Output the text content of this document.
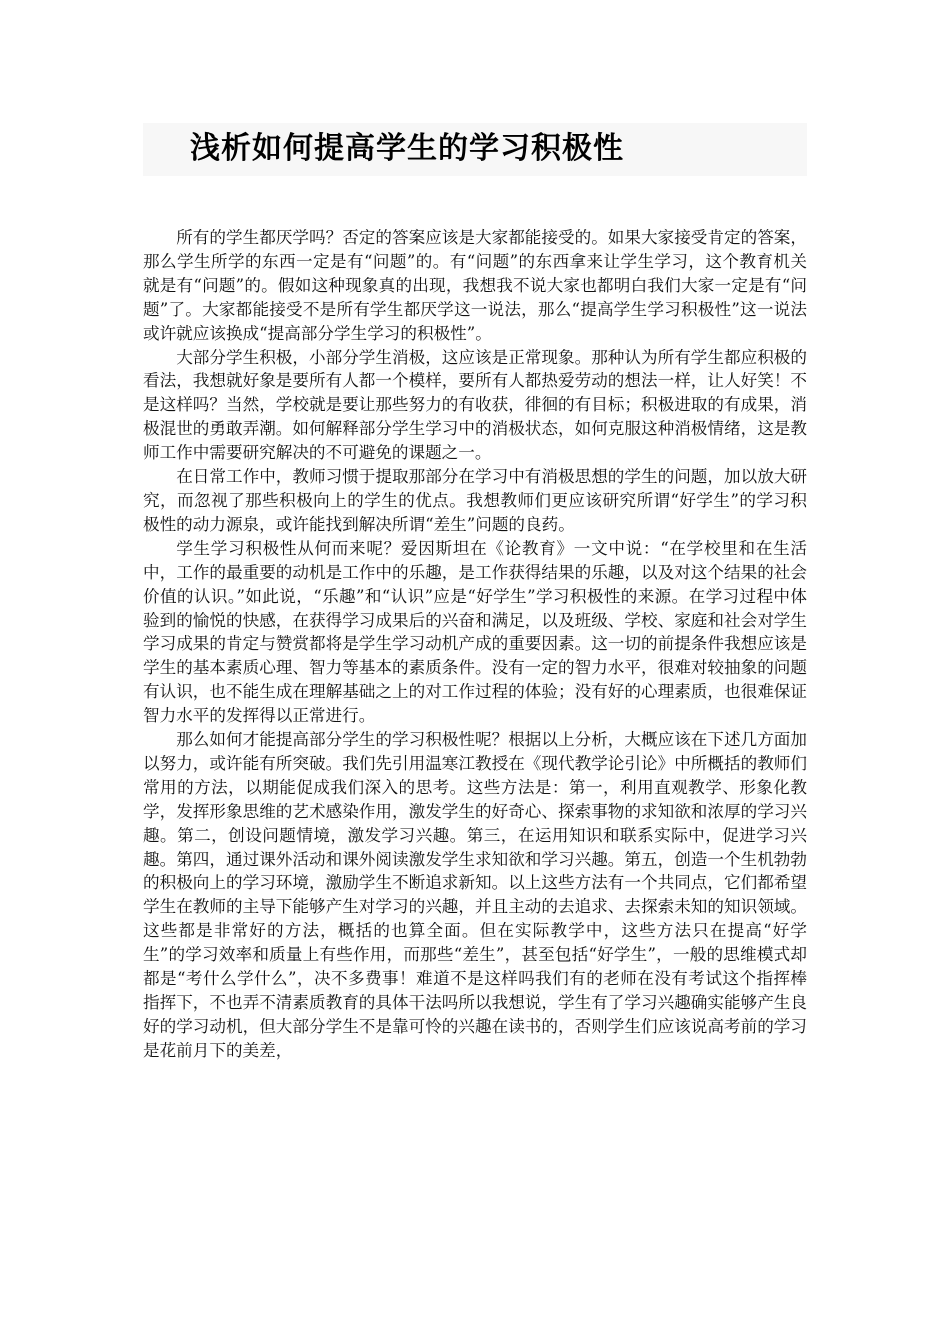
浅析如何提高学生的学习积极性

所有的学生都厌学吗？否定的答案应该是大家都能接受的。如果大家接受肯定的答案，那么学生所学的东西一定是有“问题”的。有“问题”的东西拿来让学生学习，这个教育机关就是有“问题”的。假如这种现象真的出现，我想我不说大家也都明白我们大家一定是有“问题”了。大家都能接受不是所有学生都厌学这一说法，那么“提高学生学习积极性”这一说法或许就应该换成“提高部分学生学习的积极性”。

大部分学生积极，小部分学生消极，这应该是正常现象。那种认为所有学生都应积极的看法，我想就好象是要所有人都一个模样，要所有人都热爱劳动的想法一样，让人好笑！不是这样吗？当然，学校就是要让那些努力的有收获，徘徊的有目标；积极进取的有成果，消极混世的勇敢弄潮。如何解释部分学生学习中的消极状态，如何克服这种消极情绪，这是教师工作中需要研究解决的不可避免的课题之一。

在日常工作中，教师习惯于提取那部分在学习中有消极思想的学生的问题，加以放大研究，而忽视了那些积极向上的学生的优点。我想教师们更应该研究所谓“好学生”的学习积极性的动力源泉，或许能找到解决所谓“差生”问题的良药。

学生学习积极性从何而来呢？爱因斯坦在《论教育》一文中说：“在学校里和在生活中，工作的最重要的动机是工作中的乐趣，是工作获得结果的乐趣，以及对这个结果的社会价值的认识。”如此说，“乐趣”和“认识”应是“好学生”学习积极性的来源。在学习过程中体验到的愉悦的快感，在获得学习成果后的兴奋和满足，以及班级、学校、家庭和社会对学生学习成果的肯定与赞赏都将是学生学习动机产成的重要因素。这一切的前提条件我想应该是学生的基本素质心理、智力等基本的素质条件。没有一定的智力水平，很难对较抽象的问题有认识，也不能生成在理解基础之上的对工作过程的体验；没有好的心理素质，也很难保证智力水平的发挥得以正常进行。

那么如何才能提高部分学生的学习积极性呢？根据以上分析，大概应该在下述几方面加以努力，或许能有所突破。我们先引用温寒江教授在《现代教学论引论》中所概括的教师们常用的方法，以期能促成我们深入的思考。这些方法是：第一，利用直观教学、形象化教学，发挥形象思维的艺术感染作用，激发学生的好奇心、探索事物的求知欲和浓厚的学习兴趣。第二，创设问题情境，激发学习兴趣。第三，在运用知识和联系实际中，促进学习兴趣。第四，通过课外活动和课外阅读激发学生求知欲和学习兴趣。第五，创造一个生机勃勃的积极向上的学习环境，激励学生不断追求新知。以上这些方法有一个共同点，它们都希望学生在教师的主导下能够产生对学习的兴趣，并且主动的去追求、去探索未知的知识领域。这些都是非常好的方法，概括的也算全面。但在实际教学中，这些方法只在提高“好学生”的学习效率和质量上有些作用，而那些“差生”，甚至包括“好学生”，一般的思维模式却都是“考什么学什么”，决不多费事！难道不是这样吗我们有的老师在没有考试这个指挥棒指挥下，不也弄不清素质教育的具体干法吗所以我想说，学生有了学习兴趣确实能够产生良好的学习动机，但大部分学生不是靠可怜的兴趣在读书的，否则学生们应该说高考前的学习是花前月下的美差，
